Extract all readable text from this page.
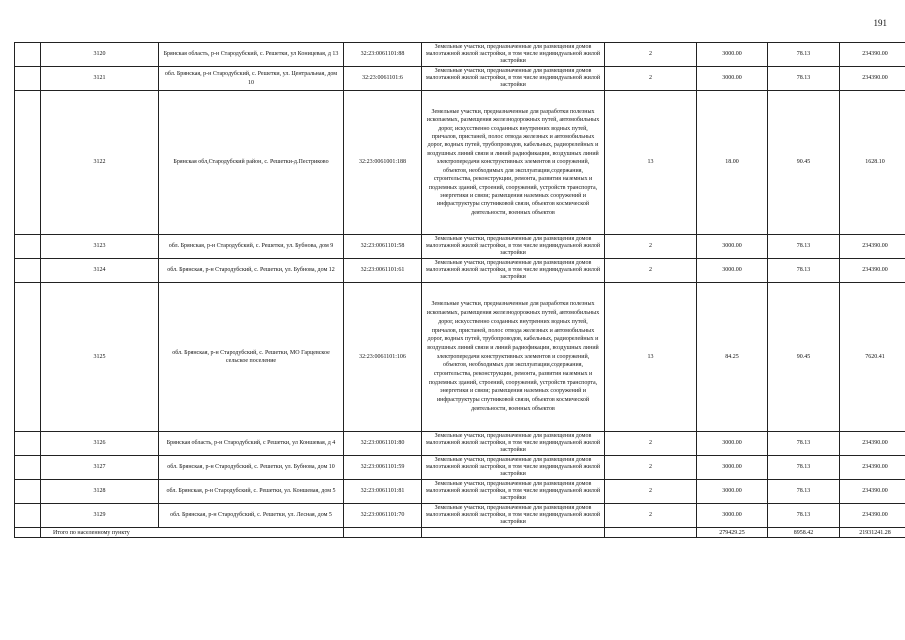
191
	3120	Брянская область, р-н Стародубский, с. Решетки, ул Коницевая, д 13	32:23:0061101:88	Земельные участки, предназначенные для размещения домов малоэтажной жилой застройки, в том числе индивидуальной жилой застройки	2	3000.00	78.13	234390.00
	3121	обл. Брянская, р-н Стародубский, с. Решетки, ул. Центральная, дом 10	32:23:0061101:6	Земельные участки, предназначенные для размещения домов малоэтажной жилой застройки, в том числе индивидуальной жилой застройки	2	3000.00	78.13	234390.00
	3122	Брянская обл,Стародубский район, с. Решетки-д.Пестриково	32:23:0061001:188	Земельные участки, предназначенные для разработки полезных ископаемых, размещения железнодорожных путей, автомобильных дорог, искусственно созданных внутренних водных путей, причалов, пристаней, полос отвода железных и автомобильных дорог, водных путей, трубопроводов, кабельных, радиорелейных и воздушных линий связи и линий радиофикации, воздушных линий электропередачи конструктивных элементов и сооружений, объектов, необходимых для эксплуатации,содержания, строительства, реконструкции, ремонта, развития наземных и подземных зданий, строений, сооружений, устройств транспорта, энергетики и связи; размещения наземных сооружений и инфраструктуры спутниковой связи, объектов космической деятельности, военных объектов	13	18.00	90.45	1628.10
	3123	обл. Брянская, р-н Стародубский, с. Решетки, ул. Бубнова, дом 9	32:23:0061101:58	Земельные участки, предназначенные для размещения домов малоэтажной жилой застройки, в том числе индивидуальной жилой застройки	2	3000.00	78.13	234390.00
	3124	обл. Брянская, р-н Стародубский, с. Решетки, ул. Бубнова, дом 12	32:23:0061101:61	Земельные участки, предназначенные для размещения домов малоэтажной жилой застройки, в том числе индивидуальной жилой застройки	2	3000.00	78.13	234390.00
	3125	обл. Брянская, р-н Стародубский, с. Решетки, МО Гарцевское сельское поселение	32:23:0061101:106	Земельные участки, предназначенные для разработки полезных ископаемых, размещения железнодорожных путей, автомобильных дорог, искусственно созданных внутренних водных путей, причалов, пристаней, полос отвода железных и автомобильных дорог, водных путей, трубопроводов, кабельных, радиорелейных и воздушных линий связи и линий радиофикации, воздушных линий электропередачи конструктивных элементов и сооружений, объектов, необходимых для эксплуатации,содержания, строительства, реконструкции, ремонта, развития наземных и подземных зданий, строений, сооружений, устройств транспорта, энергетики и связи; размещения наземных сооружений и инфраструктуры спутниковой связи, объектов космической деятельности, военных объектов	13	84.25	90.45	7620.41
	3126	Брянская область, р-н Стародубский, с Решетки, ул Коншевая, д 4	32:23:0061101:80	Земельные участки, предназначенные для размещения домов малоэтажной жилой застройки, в том числе индивидуальной жилой застройки	2	3000.00	78.13	234390.00
	3127	обл. Брянская, р-н Стародубский, с. Решетки, ул. Бубнова, дом 10	32:23:0061101:59	Земельные участки, предназначенные для размещения домов малоэтажной жилой застройки, в том числе индивидуальной жилой застройки	2	3000.00	78.13	234390.00
	3128	обл. Брянская, р-н Стародубский, с. Решетки, ул. Коншевая, дом 5	32:23:0061101:81	Земельные участки, предназначенные для размещения домов малоэтажной жилой застройки, в том числе индивидуальной жилой застройки	2	3000.00	78.13	234390.00
	3129	обл. Брянская, р-н Стародубский, с. Решетки, ул. Лесная, дом 5	32:23:0061101:70	Земельные участки, предназначенные для размещения домов малоэтажной жилой застройки, в том числе индивидуальной жилой застройки	2	3000.00	78.13	234390.00
	Итого по населенному пункту					279429.25	8958.42	21931241.28
